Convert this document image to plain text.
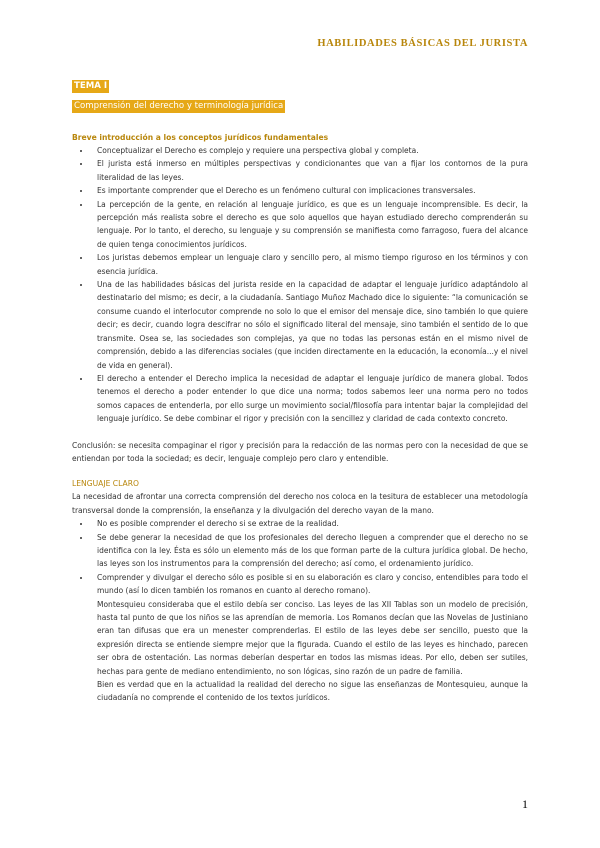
HABILIDADES BÁSICAS DEL JURISTA
TEMA I
Comprensión del derecho y terminología jurídica
Breve introducción a los conceptos jurídicos fundamentales
• Conceptualizar el Derecho es complejo y requiere una perspectiva global y completa.
• El jurista está inmerso en múltiples perspectivas y condicionantes que van a fijar los contornos de la pura literalidad de las leyes.
• Es importante comprender que el Derecho es un fenómeno cultural con implicaciones transversales.
• La percepción de la gente, en relación al lenguaje jurídico, es que es un lenguaje incomprensible. Es decir, la percepción más realista sobre el derecho es que solo aquellos que hayan estudiado derecho comprenderán su lenguaje. Por lo tanto, el derecho, su lenguaje y su comprensión se manifiesta como farragoso, fuera del alcance de quien tenga conocimientos jurídicos.
• Los juristas debemos emplear un lenguaje claro y sencillo pero, al mismo tiempo riguroso en los términos y con esencia jurídica.
• Una de las habilidades básicas del jurista reside en la capacidad de adaptar el lenguaje jurídico adaptándolo al destinatario del mismo; es decir, a la ciudadanía. Santiago Muñoz Machado dice lo siguiente: “la comunicación se consume cuando el interlocutor comprende no solo lo que el emisor del mensaje dice, sino también lo que quiere decir; es decir, cuando logra descifrar no sólo el significado literal del mensaje, sino también el sentido de lo que transmite. Osea se, las sociedades son complejas, ya que no todas las personas están en el mismo nivel de comprensión, debido a las diferencias sociales (que inciden directamente en la educación, la economía...y el nivel de vida en general).
• El derecho a entender el Derecho implica la necesidad de adaptar el lenguaje jurídico de manera global. Todos tenemos el derecho a poder entender lo que dice una norma; todos sabemos leer una norma pero no todos somos capaces de entenderla, por ello surge un movimiento social/filosofía para intentar bajar la complejidad del lenguaje jurídico. Se debe combinar el rigor y precisión con la sencillez y claridad de cada contexto concreto.

Conclusión: se necesita compaginar el rigor y precisión para la redacción de las normas pero con la necesidad de que se entiendan por toda la sociedad; es decir, lenguaje complejo pero claro y entendible.

LENGUAJE CLARO

La necesidad de afrontar una correcta comprensión del derecho nos coloca en la tesitura de establecer una metodología transversal donde la comprensión, la enseñanza y la divulgación del derecho vayan de la mano.

• No es posible comprender el derecho si se extrae de la realidad.
• Se debe generar la necesidad de que los profesionales del derecho lleguen a comprender que el derecho no se identifica con la ley. Ésta es sólo un elemento más de los que forman parte de la cultura jurídica global. De hecho, las leyes son los instrumentos para la comprensión del derecho; así como, el ordenamiento jurídico.
• Comprender y divulgar el derecho sólo es posible si en su elaboración es claro y conciso, entendibles para todo el mundo (así lo dicen también los romanos en cuanto al derecho romano).

Montesquieu consideraba que el estilo debía ser conciso. Las leyes de las XII Tablas son un modelo de precisión, hasta tal punto de que los niños se las aprendían de memoria. Los Romanos decían que las Novelas de Justiniano eran tan difusas que era un menester comprenderlas. El estilo de las leyes debe ser sencillo, puesto que la expresión directa se entiende siempre mejor que la figurada. Cuando el estilo de las leyes es hinchado, parecen ser obra de ostentación. Las normas deberían despertar en todos las mismas ideas. Por ello, deben ser sutiles, hechas para gente de mediano entendimiento, no son lógicas, sino razón de un padre de familia.

Bien es verdad que en la actualidad la realidad del derecho no sigue las enseñanzas de Montesquieu, aunque la ciudadanía no comprende el contenido de los textos jurídicos.

1
